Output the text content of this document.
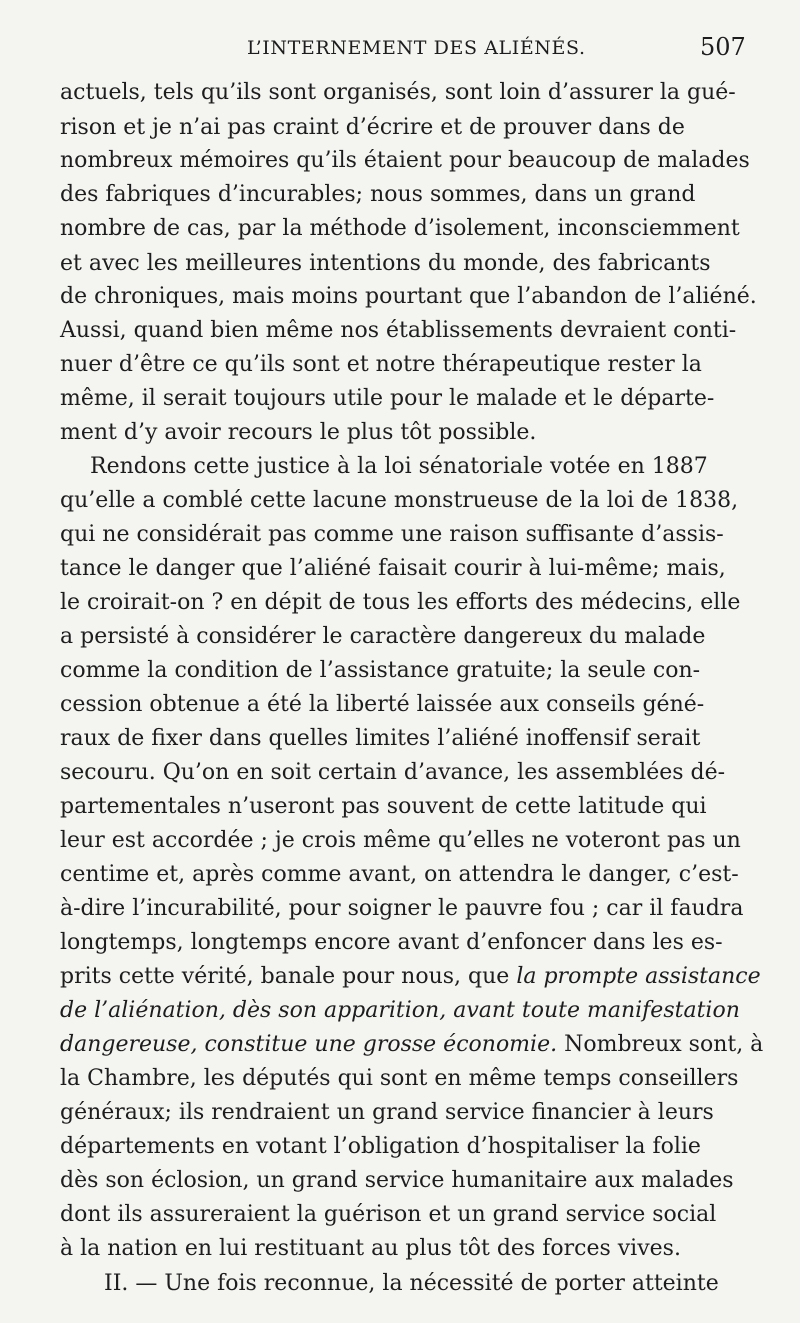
L’INTERNEMENT DES ALIÉNÉS.	507
actuels, tels qu’ils sont organisés, sont loin d’assurer la gué-
rison et je n’ai pas craint d’écrire et de prouver dans de
nombreux mémoires qu’ils étaient pour beaucoup de malades
des fabriques d’incurables; nous sommes, dans un grand
nombre de cas, par la méthode d’isolement, inconsciemment
et avec les meilleures intentions du monde, des fabricants
de chroniques, mais moins pourtant que l’abandon de l’aliéné.
Aussi, quand bien même nos établissements devraient conti-
nuer d’être ce qu’ils sont et notre thérapeutique rester la
même, il serait toujours utile pour le malade et le départe-
ment d’y avoir recours le plus tôt possible.
Rendons cette justice à la loi sénatoriale votée en 1887
qu’elle a comblé cette lacune monstrueuse de la loi de 1838,
qui ne considérait pas comme une raison suffisante d’assis-
tance le danger que l’aliéné faisait courir à lui-même; mais,
le croirait-on ? en dépit de tous les efforts des médecins, elle
a persisté à considérer le caractère dangereux du malade
comme la condition de l’assistance gratuite; la seule con-
cession obtenue a été la liberté laissée aux conseils géné-
raux de fixer dans quelles limites l’aliéné inoffensif serait
secouru. Qu’on en soit certain d’avance, les assemblées dé-
partementales n’useront pas souvent de cette latitude qui
leur est accordée ; je crois même qu’elles ne voteront pas un
centime et, après comme avant, on attendra le danger, c’est-
à-dire l’incurabilité, pour soigner le pauvre fou ; car il faudra
longtemps, longtemps encore avant d’enfoncer dans les es-
prits cette vérité, banale pour nous, que la prompte assistance
de l’aliénation, dès son apparition, avant toute manifestation
dangereuse, constitue une grosse économie. Nombreux sont, à
la Chambre, les députés qui sont en même temps conseillers
généraux; ils rendraient un grand service financier à leurs
départements en votant l’obligation d’hospitaliser la folie
dès son éclosion, un grand service humanitaire aux malades
dont ils assureraient la guérison et un grand service social
à la nation en lui restituant au plus tôt des forces vives.
II. — Une fois reconnue, la nécessité de porter atteinte
